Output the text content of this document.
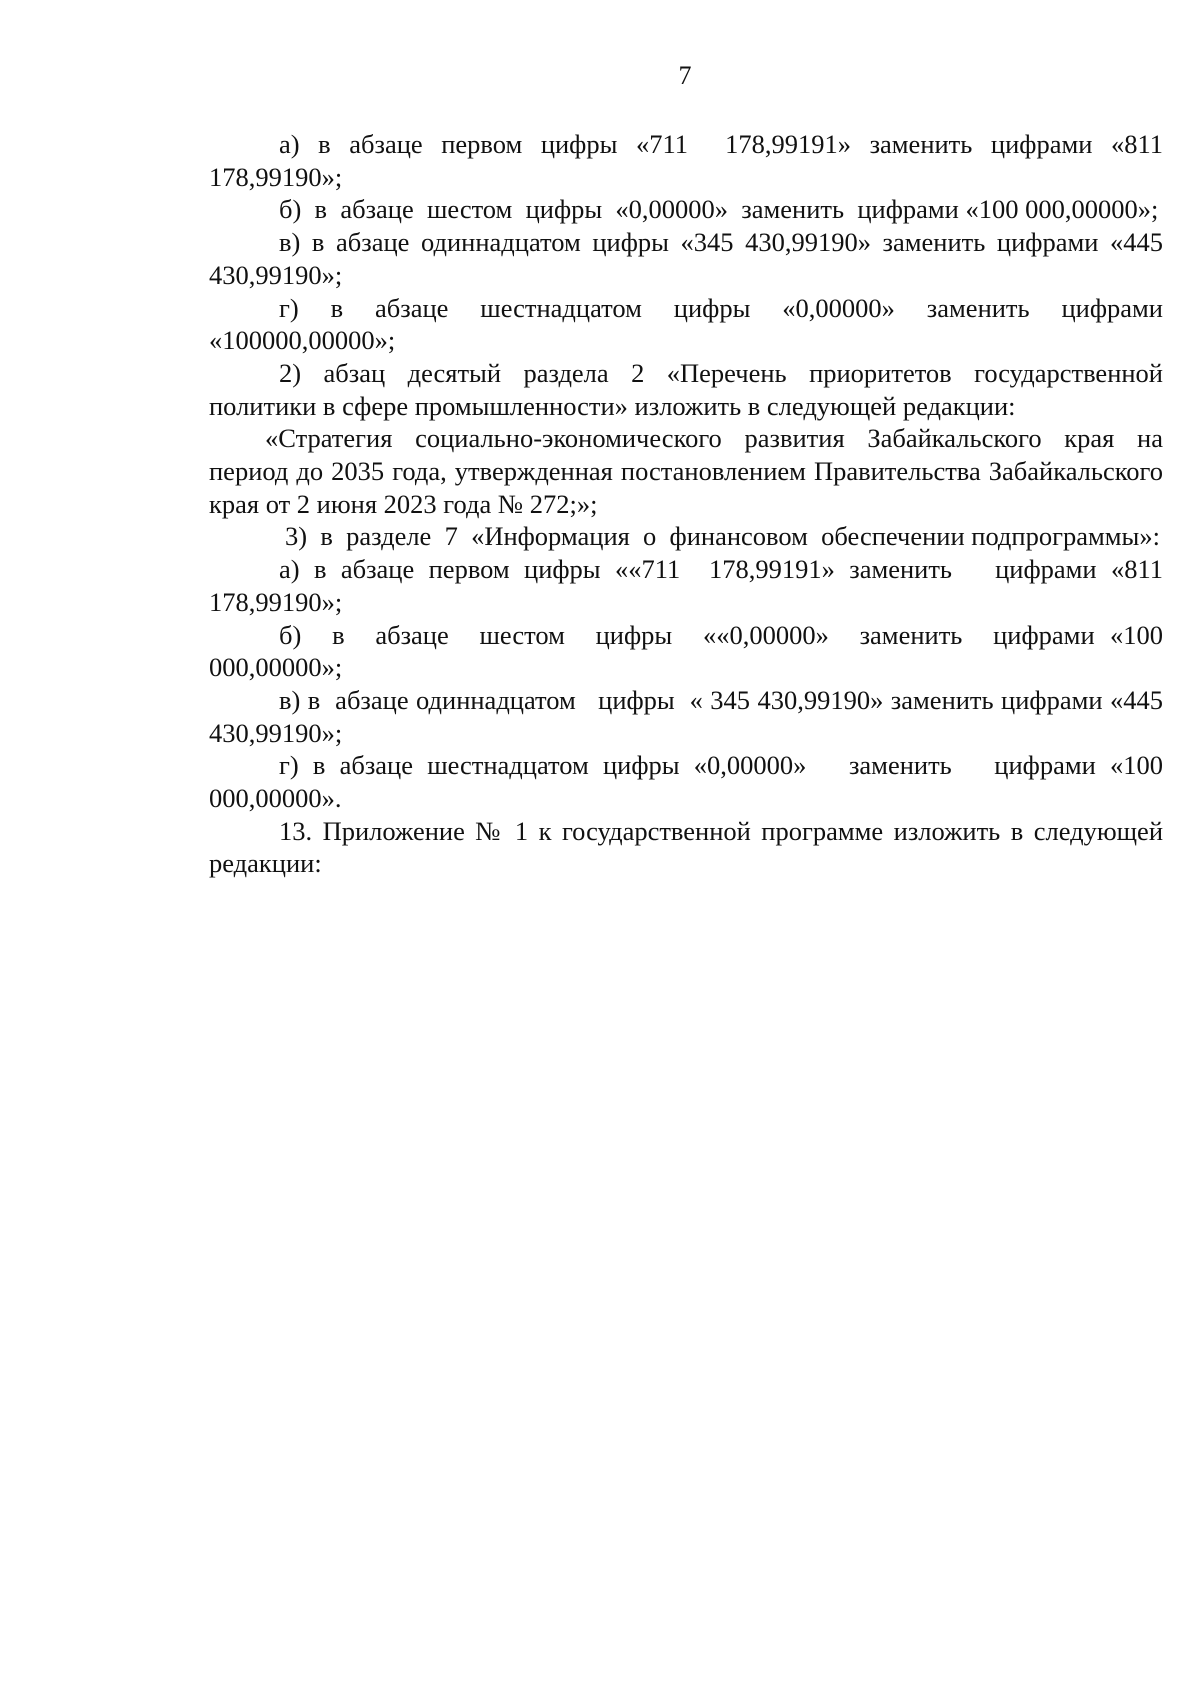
7

а) в абзаце первом цифры «711  178,99191» заменить цифрами «811 178,99190»;

б)  в  абзаце  шестом  цифры  «0,00000»  заменить  цифрами «100 000,00000»;

в) в абзаце одиннадцатом цифры «345 430,99190» заменить цифрами «445 430,99190»;

г) в абзаце шестнадцатом цифры «0,00000» заменить цифрами «100000,00000»;

2) абзац десятый раздела 2 «Перечень приоритетов государственной политики в сфере промышленности» изложить в следующей редакции:

«Стратегия социально-экономического развития Забайкальского края на период до 2035 года, утвержденная постановлением Правительства Забайкальского края от 2 июня 2023 года № 272;»;

3)  в  разделе  7  «Информация  о  финансовом  обеспечении подпрограммы»:

а) в абзаце первом цифры ««711  178,99191» заменить   цифрами «811 178,99190»;

б)  в  абзаце  шестом  цифры  ««0,00000»  заменить  цифрами «100 000,00000»;

в) в  абзаце одиннадцатом   цифры  « 345 430,99190» заменить цифрами «445 430,99190»;

г) в абзаце шестнадцатом цифры «0,00000»   заменить   цифрами «100 000,00000».

13. Приложение № 1 к государственной программе изложить в следующей редакции:
